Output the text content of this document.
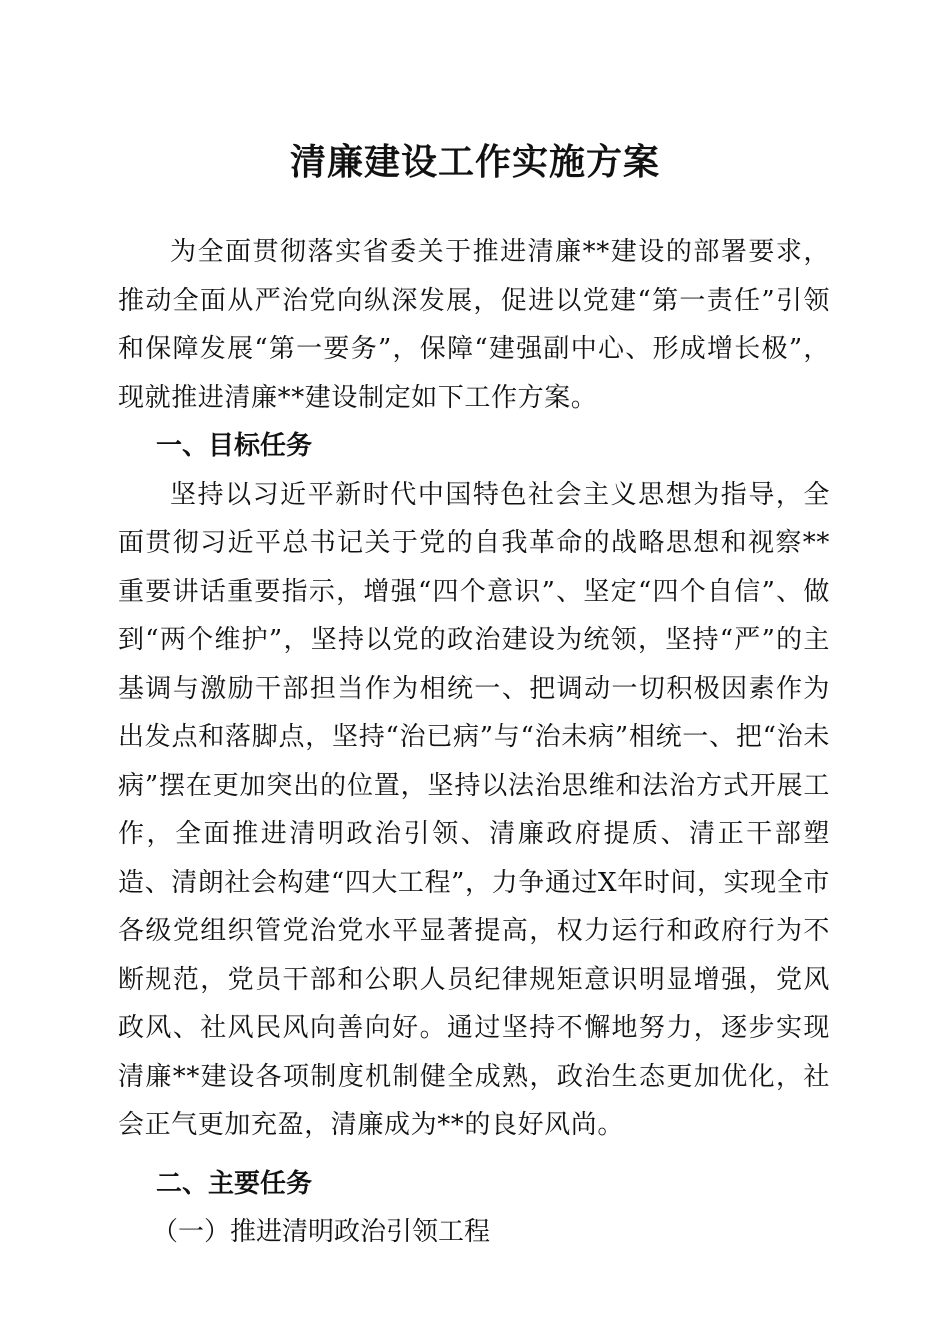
清廉建设工作实施方案

为全面贯彻落实省委关于推进清廉**建设的部署要求，推动全面从严治党向纵深发展，促进以党建“第一责任”引领和保障发展“第一要务”，保障“建强副中心、形成增长极”，现就推进清廉**建设制定如下工作方案。

一、目标任务

坚持以习近平新时代中国特色社会主义思想为指导，全面贯彻习近平总书记关于党的自我革命的战略思想和视察**重要讲话重要指示，增强“四个意识”、坚定“四个自信”、做到“两个维护”，坚持以党的政治建设为统领，坚持“严”的主基调与激励干部担当作为相统一、把调动一切积极因素作为出发点和落脚点，坚持“治已病”与“治未病”相统一、把“治未病”摆在更加突出的位置，坚持以法治思维和法治方式开展工作，全面推进清明政治引领、清廉政府提质、清正干部塑造、清朗社会构建“四大工程”，力争通过X年时间，实现全市各级党组织管党治党水平显著提高，权力运行和政府行为不断规范，党员干部和公职人员纪律规矩意识明显增强，党风政风、社风民风向善向好。通过坚持不懈地努力，逐步实现清廉**建设各项制度机制健全成熟，政治生态更加优化，社会正气更加充盈，清廉成为**的良好风尚。

二、主要任务

（一）推进清明政治引领工程
